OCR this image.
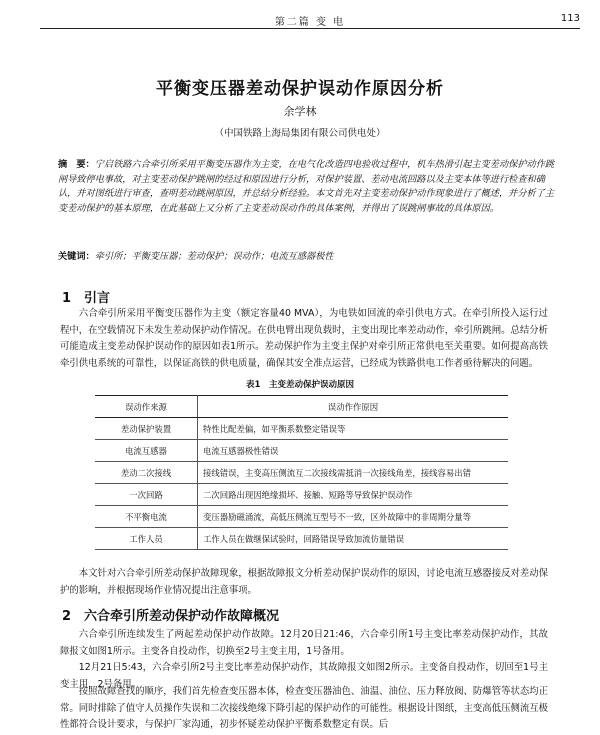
第二篇 变 电	113
平衡变压器差动保护误动作原因分析
余学林
（中国铁路上海局集团有限公司供电处）
摘　要：宁启铁路六合牵引所采用平衡变压器作为主变，在电气化改造四电验收过程中，机车热滑引起主变差动保护动作跳闸导致停电事故，对主变差动保护跳闸的经过和原因进行分析，对保护装置、差动电流回路以及主变本体等进行检查和确认，并对图纸进行审查，查明差动跳闸原因，并总结分析经验。本文首先对主变差动保护动作现象进行了概述，并分析了主变差动保护的基本原理，在此基础上又分析了主变差动误动作的具体案例，并得出了误跳闸事故的具体原因。
关键词：牵引所；平衡变压器；差动保护；误动作；电流互感器极性
1 引言
六合牵引所采用平衡变压器作为主变（额定容量40 MVA），为电铁如回流的牵引供电方式。在牵引所投入运行过程中，在空载情况下未发生差动保护动作情况。在供电臂出现负载时，主变出现比率差动动作，牵引所跳闸。总结分析可能造成主变差动保护误动作的原因如表1所示。差动保护作为主变主保护对牵引所正常供电至关重要。如何提高高铁牵引供电系统的可靠性，以保证高铁的供电质量，确保其安全准点运营，已经成为铁路供电工作者亟待解决的问题。
表1　主变差动保护误动原因
误动作来源	误动作作原因
差动保护装置	特性比配差偏，如平衡系数整定错误等
电流互感器	电流互感器极性错误
差动二次接线	接线错误，主变高压侧流互二次接线需抵消一次接线角差，接线容易出错
一次回路	二次回路出现因绝缘损坏、接触、短路等导致保护误动作
不平衡电流	变压器励磁涌流，高低压侧流互型号不一致，区外故障中的非周期分量等
工作人员	工作人员在做继保试验时，回路错误导致加流仿量错误
本文针对六合牵引所差动保护故障现象，根据故障报文分析差动保护误动作的原因，讨论电流互感器接反对差动保护的影响，并根据现场作业情况提出注意事项。
2 六合牵引所差动保护动作故障概况
六合牵引所连续发生了两起差动保护动作故障。12月20日21:46，六合牵引所1号主变比率差动保护动作，其故障报文如图1所示。主变各自投动作，切换至2号主变主用，1号备用。
12月21日5:43，六合牵引所2号主变比率差动保护动作，其故障报文如图2所示。主变备自投动作，切回至1号主变主用，2号备用。
按照故障查找的顺序，我们首先检查变压器本体，检查变压器油色、油温、油位、压力释放阀、防爆管等状态均正常。同时排除了值守人员操作失误和二次接线绝缘下降引起的保护动作的可能性。根据设计图纸，主变高低压侧流互极性都符合设计要求，与保护厂家沟通，初步怀疑差动保护平衡系数整定有误。后
